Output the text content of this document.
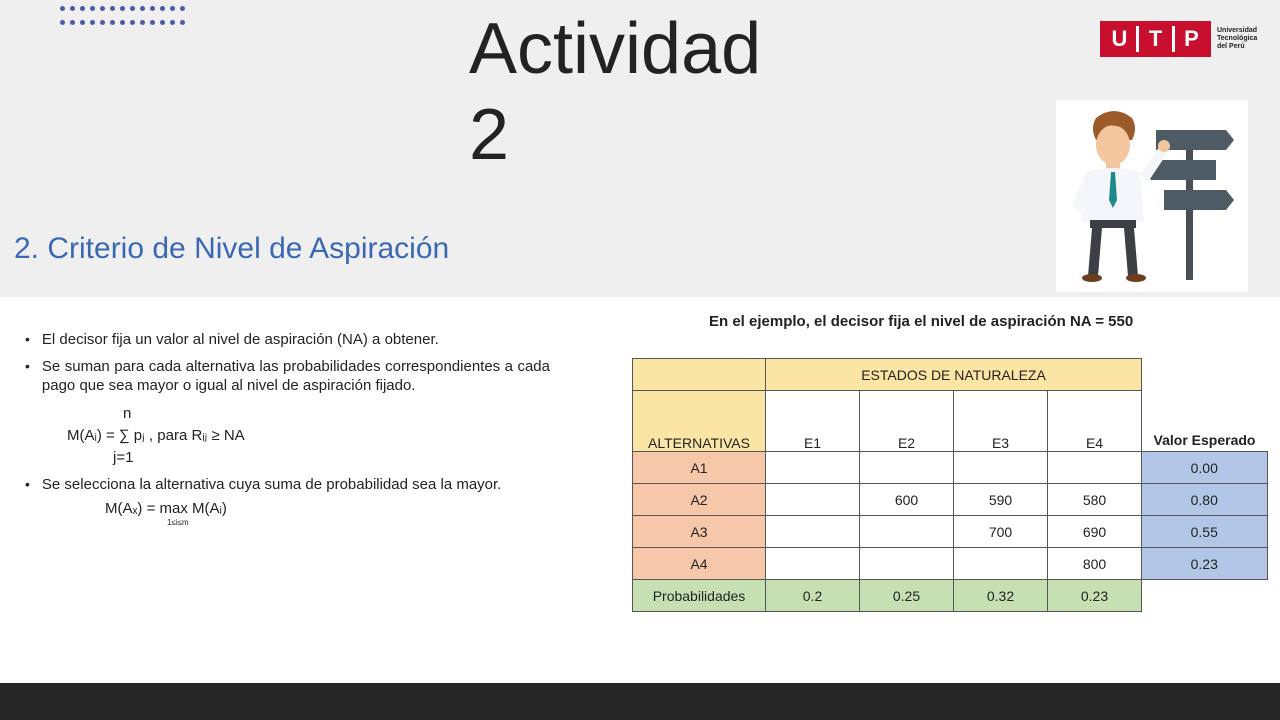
Actividad
2
2. Criterio de Nivel de Aspiración
U T P	Universidad
Tecnológica
del Perú
• El decisor fija un valor al nivel de aspiración (NA) a obtener.
• Se suman para cada alternativa las probabilidades correspondientes a cada pago que sea mayor o igual al nivel de aspiración fijado.
n
M(Aᵢ) = ∑ pⱼ , para Rᵢⱼ ≥ NA
j=1
• Se selecciona la alternativa cuya suma de probabilidad sea la mayor.
M(Aₓ) = max M(Aᵢ)
1≤i≤m
En el ejemplo, el decisor fija el nivel de aspiración NA = 550
	ESTADOS DE NATURALEZA				Valor Esperado
ALTERNATIVAS	E1	E2	E3	E4	
A1					0.00
A2		600	590	580	0.80
A3			700	690	0.55
A4				800	0.23
Probabilidades	0.2	0.25	0.32	0.23	
